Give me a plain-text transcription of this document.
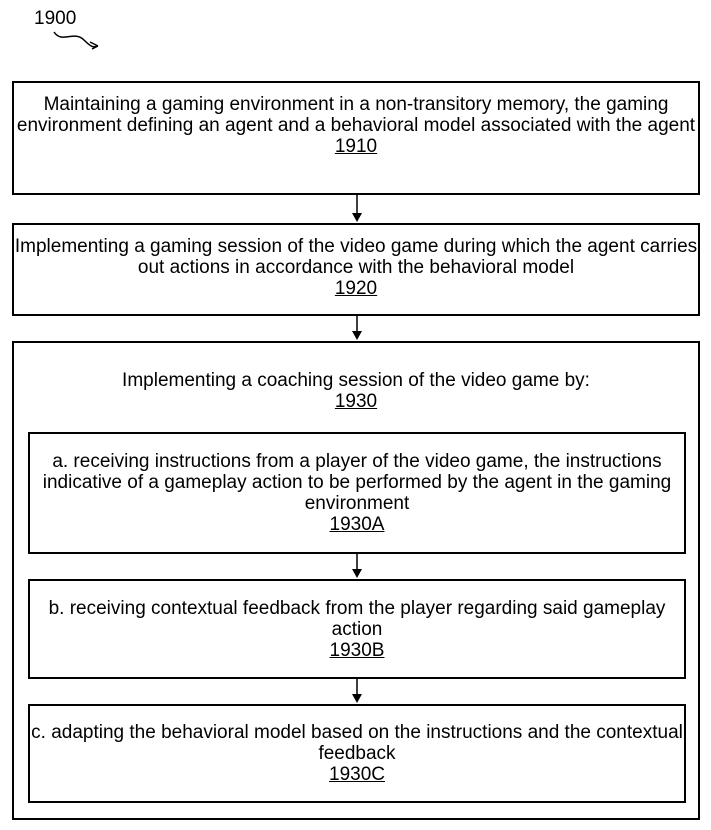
1900
Maintaining a gaming environment in a non-transitory memory, the gaming environment defining an agent and a behavioral model associated with the agent
1910
Implementing a gaming session of the video game during which the agent carries out actions in accordance with the behavioral model
1920
Implementing a coaching session of the video game by:
1930
a. receiving instructions from a player of the video game, the instructions indicative of a gameplay action to be performed by the agent in the gaming environment
1930A
b. receiving contextual feedback from the player regarding said gameplay action
1930B
c. adapting the behavioral model based on the instructions and the contextual feedback
1930C
